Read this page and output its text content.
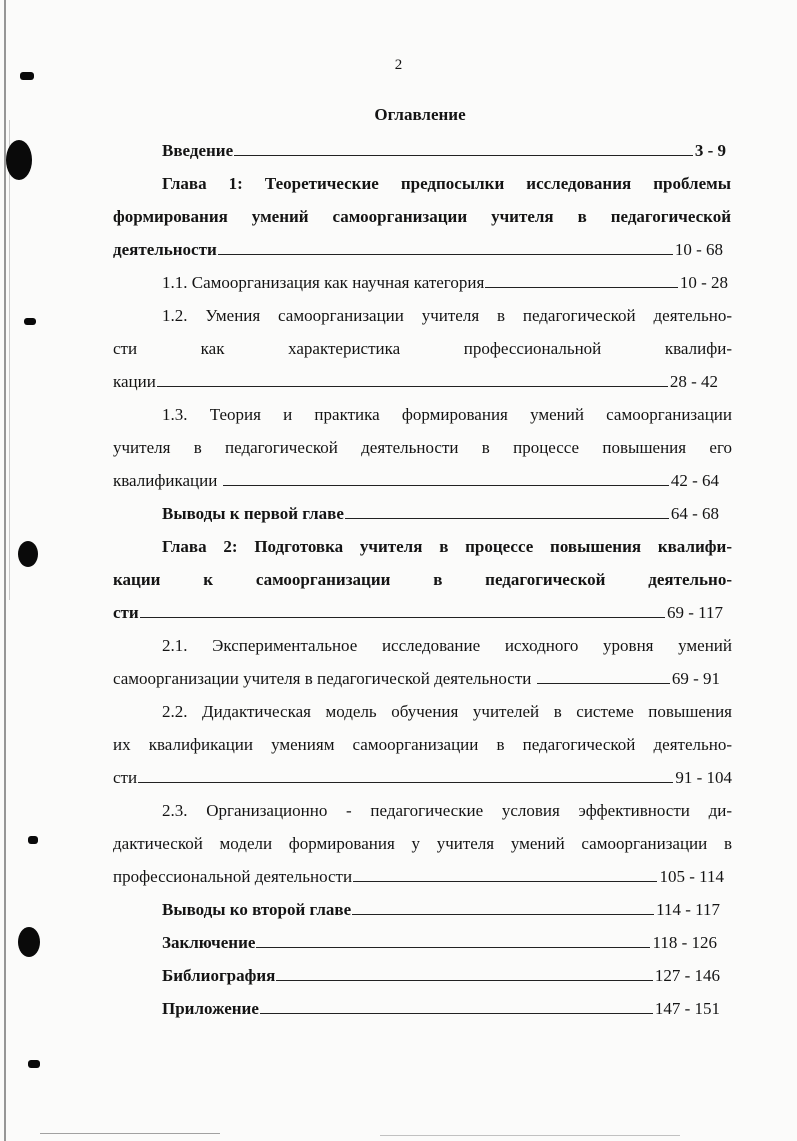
2
Оглавление
Введение	3 - 9
Глава 1: Теоретические предпосылки исследования проблемы
формирования умений самоорганизации учителя в педагогической
деятельности	10 - 68
1.1. Самоорганизация как научная категория	10 - 28
1.2. Умения самоорганизации учителя в педагогической деятельно-
сти как характеристика профессиональной квалифи-
кации	28 - 42
1.3. Теория и практика формирования умений самоорганизации
учителя в педагогической деятельности в процессе повышения его
квалификации	42 - 64
Выводы к первой главе	64 - 68
Глава 2: Подготовка учителя в процессе повышения квалифи-
кации к самоорганизации в педагогической деятельно-
сти	69 - 117
2.1. Экспериментальное исследование исходного уровня умений
самоорганизации учителя в педагогической деятельности	69 - 91
2.2. Дидактическая модель обучения учителей в системе повышения
их квалификации умениям самоорганизации в педагогической деятельно-
сти	91 - 104
2.3. Организационно - педагогические условия эффективности ди-
дактической модели формирования у учителя умений самоорганизации в
профессиональной деятельности	105 - 114
Выводы ко второй главе	114 - 117
Заключение	118 - 126
Библиография	127 - 146
Приложение	147 - 151
